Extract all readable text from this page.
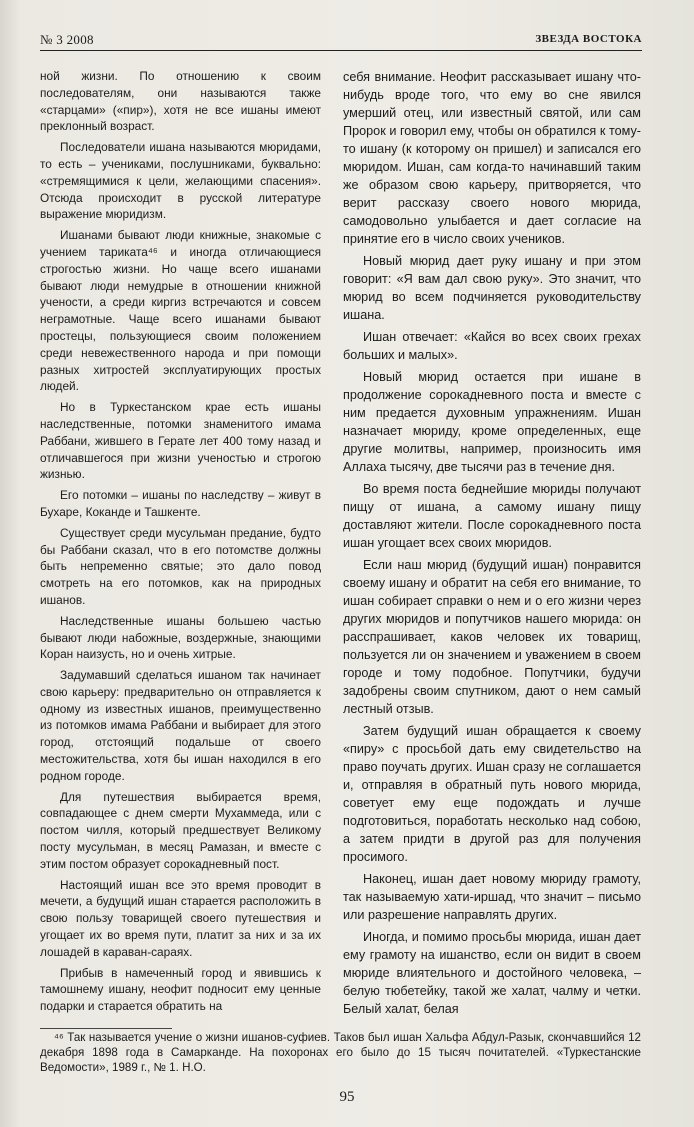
№ 3 2008	ЗВЕЗДА ВОСТОКА

ной жизни. По отношению к своим последователям, они называются также «старцами» («пир»), хотя не все ишаны имеют преклонный возраст.

Последователи ишана называются мюридами, то есть – учениками, послушниками, буквально: «стремящимися к цели, желающими спасения». Отсюда происходит в русской литературе выражение мюридизм.

Ишанами бывают люди книжные, знакомые с учением тариката⁴⁶ и иногда отличающиеся строгостью жизни. Но чаще всего ишанами бывают люди немудрые в отношении книжной учености, а среди киргиз встречаются и совсем неграмотные. Чаще всего ишанами бывают простецы, пользующиеся своим положением среди невежественного народа и при помощи разных хитростей эксплуатирующих простых людей.

Но в Туркестанском крае есть ишаны наследственные, потомки знаменитого имама Раббани, жившего в Герате лет 400 тому назад и отличавшегося при жизни ученостью и строгою жизнью.

Его потомки – ишаны по наследству – живут в Бухаре, Коканде и Ташкенте.

Существует среди мусульман предание, будто бы Раббани сказал, что в его потомстве должны быть непременно святые; это дало повод смотреть на его потомков, как на природных ишанов.

Наследственные ишаны большею частью бывают люди набожные, воздержные, знающими Коран наизусть, но и очень хитрые.

Задумавший сделаться ишаном так начинает свою карьеру: предварительно он отправляется к одному из известных ишанов, преимущественно из потомков имама Раббани и выбирает для этого город, отстоящий подальше от своего местожительства, хотя бы ишан находился в его родном городе.

Для путешествия выбирается время, совпадающее с днем смерти Мухаммеда, или с постом чилля, который предшествует Великому посту мусульман, в месяц Рамазан, и вместе с этим постом образует сорокадневный пост.

Настоящий ишан все это время проводит в мечети, а будущий ишан старается расположить в свою пользу товарищей своего путешествия и угощает их во время пути, платит за них и за их лошадей в караван-сараях.

Прибыв в намеченный город и явившись к тамошнему ишану, неофит подносит ему ценные подарки и старается обратить на

себя внимание. Неофит рассказывает ишану что-нибудь вроде того, что ему во сне явился умерший отец, или известный святой, или сам Пророк и говорил ему, чтобы он обратился к тому-то ишану (к которому он пришел) и записался его мюридом. Ишан, сам когда-то начинавший таким же образом свою карьеру, притворяется, что верит рассказу своего нового мюрида, самодовольно улыбается и дает согласие на принятие его в число своих учеников.

Новый мюрид дает руку ишану и при этом говорит: «Я вам дал свою руку». Это значит, что мюрид во всем подчиняется руководительству ишана.

Ишан отвечает: «Кайся во всех своих грехах больших и малых».

Новый мюрид остается при ишане в продолжение сорокадневного поста и вместе с ним предается духовным упражнениям. Ишан назначает мюриду, кроме определенных, еще другие молитвы, например, произносить имя Аллаха тысячу, две тысячи раз в течение дня.

Во время поста беднейшие мюриды получают пищу от ишана, а самому ишану пищу доставляют жители. После сорокадневного поста ишан угощает всех своих мюридов.

Если наш мюрид (будущий ишан) понравится своему ишану и обратит на себя его внимание, то ишан собирает справки о нем и о его жизни через других мюридов и попутчиков нашего мюрида: он расспрашивает, каков человек их товарищ, пользуется ли он значением и уважением в своем городе и тому подобное. Попутчики, будучи задобрены своим спутником, дают о нем самый лестный отзыв.

Затем будущий ишан обращается к своему «пиру» с просьбой дать ему свидетельство на право поучать других. Ишан сразу не соглашается и, отправляя в обратный путь нового мюрида, советует ему еще подождать и лучше подготовиться, поработать несколько над собою, а затем придти в другой раз для получения просимого.

Наконец, ишан дает новому мюриду грамоту, так называемую хати-иршад, что значит – письмо или разрешение направлять других.

Иногда, и помимо просьбы мюрида, ишан дает ему грамоту на ишанство, если он видит в своем мюриде влиятельного и достойного человека, – белую тюбетейку, такой же халат, чалму и четки. Белый халат, белая

⁴⁶ Так называется учение о жизни ишанов-суфиев. Таков был ишан Хальфа Абдул-Разык, скончавшийся 12 декабря 1898 года в Самарканде. На похоронах его было до 15 тысяч почитателей. «Туркестанские Ведомости», 1989 г., № 1. Н.О.
95
